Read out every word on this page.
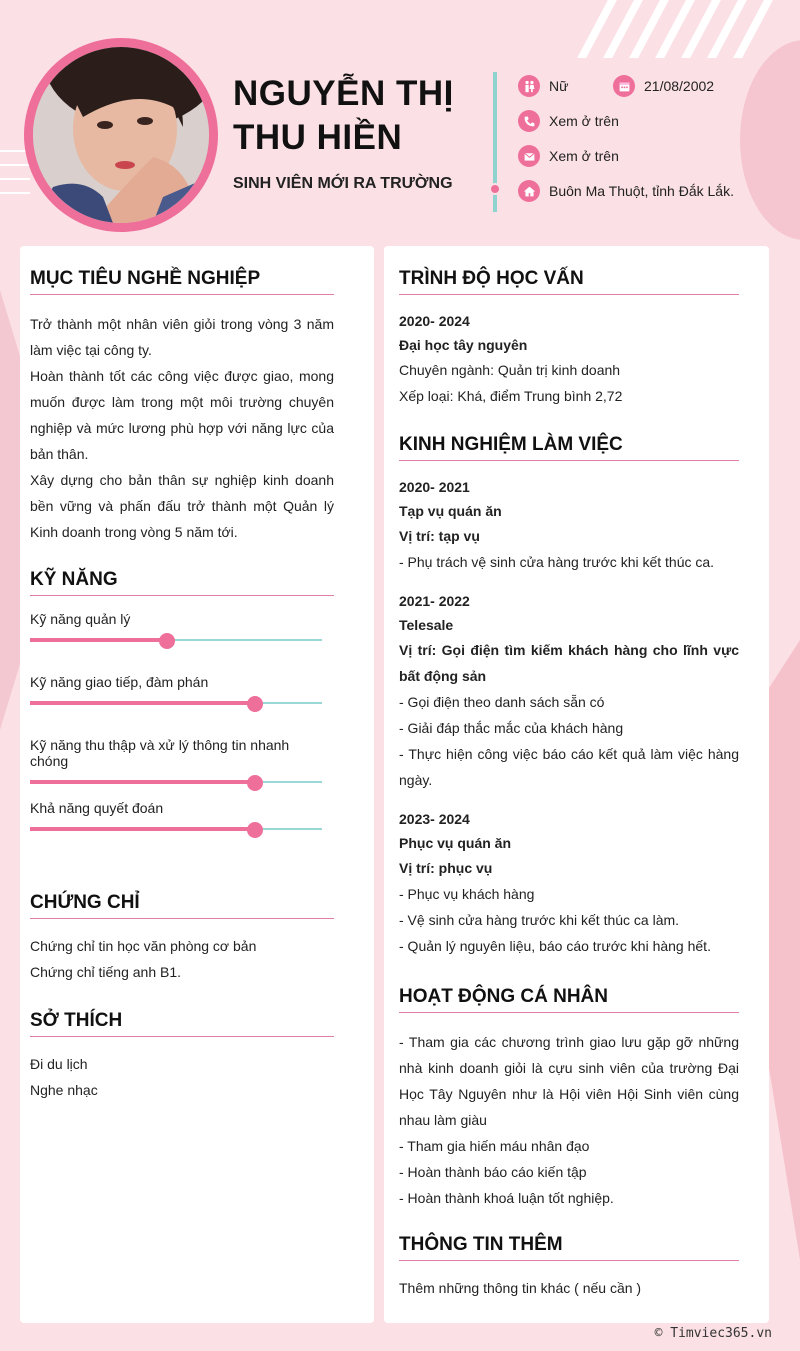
NGUYỄN THỊ
THU HIỀN
SINH VIÊN MỚI RA TRƯỜNG
Nữ	21/08/2002
Xem ở trên
Xem ở trên
Buôn Ma Thuột, tỉnh Đắk Lắk.
MỤC TIÊU NGHỀ NGHIỆP
Trở thành một nhân viên giỏi trong vòng 3 năm làm việc tại công ty.
Hoàn thành tốt các công việc được giao, mong muốn được làm trong một môi trường chuyên nghiệp và mức lương phù hợp với năng lực của bản thân.
Xây dựng cho bản thân sự nghiệp kinh doanh bền vững và phấn đấu trở thành một Quản lý Kinh doanh trong vòng 5 năm tới.
KỸ NĂNG
Kỹ năng quản lý
Kỹ năng giao tiếp, đàm phán
Kỹ năng thu thập và xử lý thông tin nhanh chóng
Khả năng quyết đoán
CHỨNG CHỈ
Chứng chỉ tin học văn phòng cơ bản
Chứng chỉ tiếng anh B1.
SỞ THÍCH
Đi du lịch
Nghe nhạc
TRÌNH ĐỘ HỌC VẤN
2020- 2024
Đại học tây nguyên
Chuyên ngành: Quản trị kinh doanh
Xếp loại: Khá, điểm Trung bình 2,72
KINH NGHIỆM LÀM VIỆC
2020- 2021
Tạp vụ quán ăn
Vị trí: tạp vụ
- Phụ trách vệ sinh cửa hàng trước khi kết thúc ca.
2021- 2022
Telesale
Vị trí: Gọi điện tìm kiếm khách hàng cho lĩnh vực bất động sản
- Gọi điện theo danh sách sẵn có
- Giải đáp thắc mắc của khách hàng
- Thực hiện công việc báo cáo kết quả làm việc hàng ngày.
2023- 2024
Phục vụ quán ăn
Vị trí: phục vụ
- Phục vụ khách hàng
- Vệ sinh cửa hàng trước khi kết thúc ca làm.
- Quản lý nguyên liệu, báo cáo trước khi hàng hết.
HOẠT ĐỘNG CÁ NHÂN
- Tham gia các chương trình giao lưu gặp gỡ những nhà kinh doanh giỏi là cựu sinh viên của trường Đại Học Tây Nguyên như là Hội viên Hội Sinh viên cùng nhau làm giàu
- Tham gia hiến máu nhân đạo
- Hoàn thành báo cáo kiến tập
- Hoàn thành khoá luận tốt nghiệp.
THÔNG TIN THÊM
Thêm những thông tin khác ( nếu cần )
© Timviec365.vn
